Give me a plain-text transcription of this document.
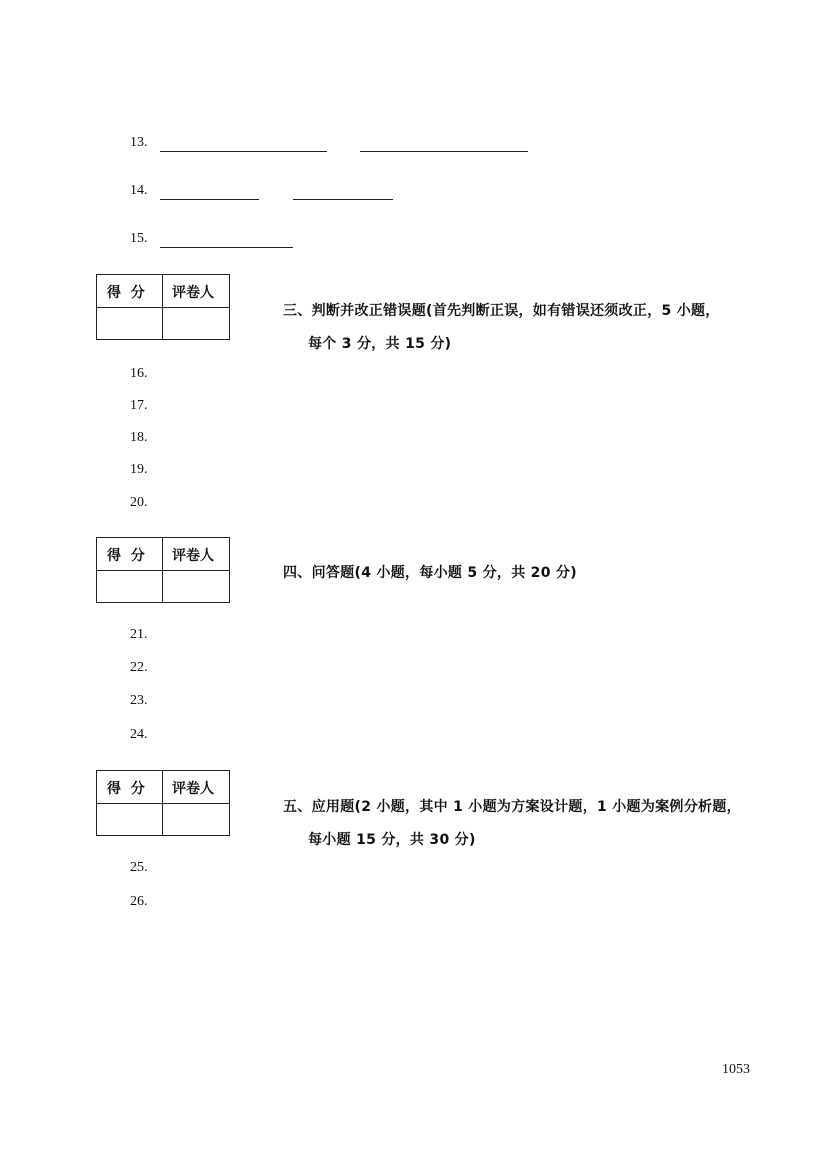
13.
14.
15.
得  分 评卷人
三、判断并改正错误题(首先判断正误，如有错误还须改正，5 小题，
每个 3 分，共 15 分)
16.
17.
18.
19.
20.
得  分 评卷人
四、问答题(4 小题，每小题 5 分，共 20 分)
21.
22.
23.
24.
得  分 评卷人
五、应用题(2 小题，其中 1 小题为方案设计题，1 小题为案例分析题，
每小题 15 分，共 30 分)
25.
26.
1053
